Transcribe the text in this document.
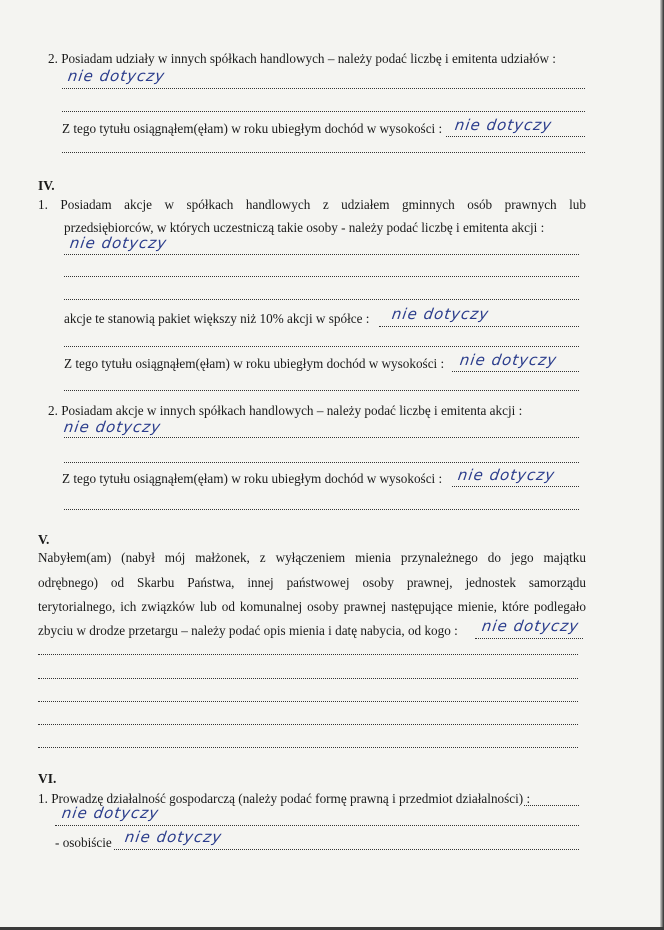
2. Posiadam udziały w innych spółkach handlowych – należy podać liczbę i emitenta udziałów :
nie dotyczy
Z tego tytułu osiągnąłem(ęłam) w roku ubiegłym dochód w wysokości : nie dotyczy
IV.
1. Posiadam akcje w spółkach handlowych z udziałem gminnych osób prawnych lub
przedsiębiorców, w których uczestniczą takie osoby - należy podać liczbę i emitenta akcji :
nie dotyczy
akcje te stanowią pakiet większy niż 10% akcji w spółce : nie dotyczy
Z tego tytułu osiągnąłem(ęłam) w roku ubiegłym dochód w wysokości : nie dotyczy
2. Posiadam akcje w innych spółkach handlowych – należy podać liczbę i emitenta akcji :
nie dotyczy
Z tego tytułu osiągnąłem(ęłam) w roku ubiegłym dochód w wysokości : nie dotyczy
V.
Nabyłem(am) (nabył mój małżonek, z wyłączeniem mienia przynależnego do jego majątku
odrębnego) od Skarbu Państwa, innej państwowej osoby prawnej, jednostek samorządu
terytorialnego, ich związków lub od komunalnej osoby prawnej następujące mienie, które podlegało
zbyciu w drodze przetargu – należy podać opis mienia i datę nabycia, od kogo : nie dotyczy
VI.
1. Prowadzę działalność gospodarczą (należy podać formę prawną i przedmiot działalności) :
nie dotyczy
- osobiście nie dotyczy
